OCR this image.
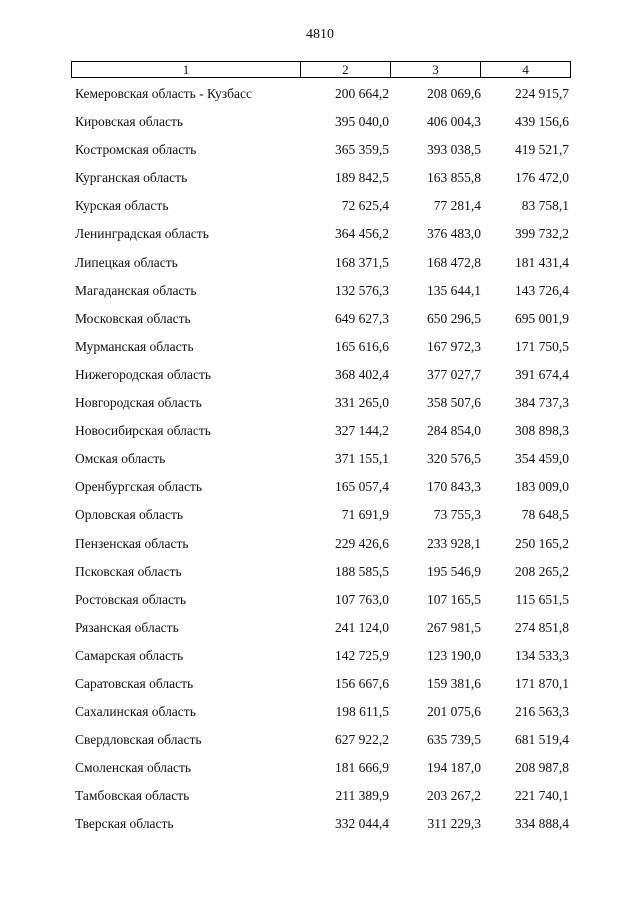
4810
1	2	3	4
Кемеровская область - Кузбасс	200 664,2	208 069,6	224 915,7
Кировская область	395 040,0	406 004,3	439 156,6
Костромская область	365 359,5	393 038,5	419 521,7
Курганская область	189 842,5	163 855,8	176 472,0
Курская область	72 625,4	77 281,4	83 758,1
Ленинградская область	364 456,2	376 483,0	399 732,2
Липецкая область	168 371,5	168 472,8	181 431,4
Магаданская область	132 576,3	135 644,1	143 726,4
Московская область	649 627,3	650 296,5	695 001,9
Мурманская область	165 616,6	167 972,3	171 750,5
Нижегородская область	368 402,4	377 027,7	391 674,4
Новгородская область	331 265,0	358 507,6	384 737,3
Новосибирская область	327 144,2	284 854,0	308 898,3
Омская область	371 155,1	320 576,5	354 459,0
Оренбургская область	165 057,4	170 843,3	183 009,0
Орловская область	71 691,9	73 755,3	78 648,5
Пензенская область	229 426,6	233 928,1	250 165,2
Псковская область	188 585,5	195 546,9	208 265,2
Ростовская область	107 763,0	107 165,5	115 651,5
Рязанская область	241 124,0	267 981,5	274 851,8
Самарская область	142 725,9	123 190,0	134 533,3
Саратовская область	156 667,6	159 381,6	171 870,1
Сахалинская область	198 611,5	201 075,6	216 563,3
Свердловская область	627 922,2	635 739,5	681 519,4
Смоленская область	181 666,9	194 187,0	208 987,8
Тамбовская область	211 389,9	203 267,2	221 740,1
Тверская область	332 044,4	311 229,3	334 888,4
